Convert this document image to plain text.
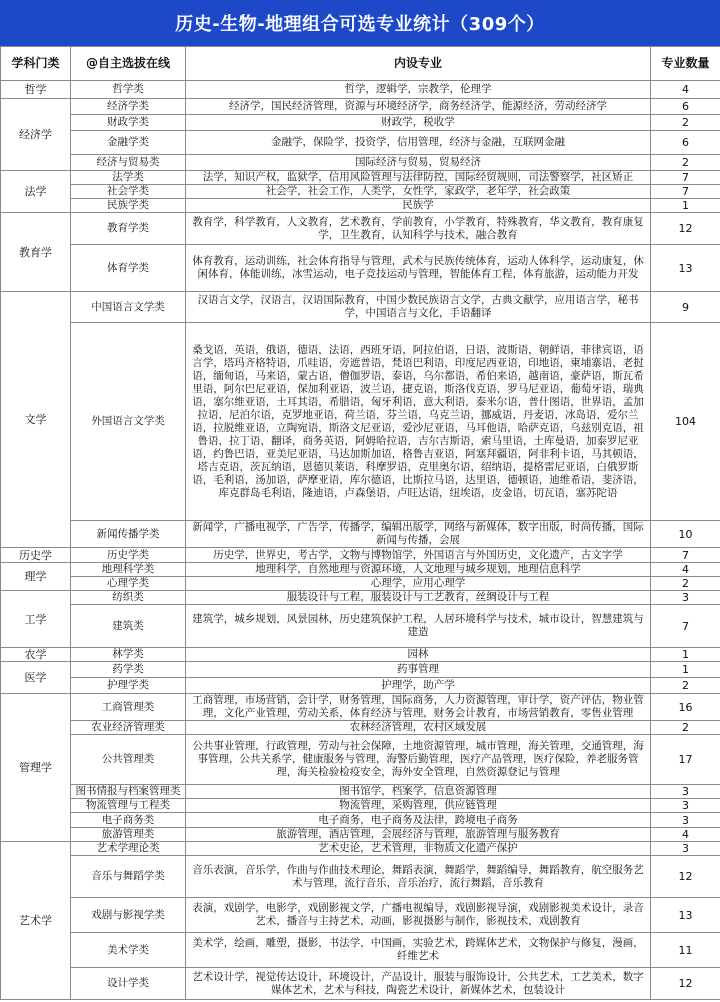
历史-生物-地理组合可选专业统计（309个）
学科门类	@自主选拔在线	内设专业	专业数量
哲学	哲学类	哲学，逻辑学，宗教学，伦理学	4
经济学	经济学类	经济学，国民经济管理，资源与环境经济学，商务经济学，能源经济，劳动经济学	6
	财政学类	财政学，税收学	2
	金融学类	金融学，保险学，投资学，信用管理，经济与金融，互联网金融	6
	经济与贸易类	国际经济与贸易，贸易经济	2
法学	法学类	法学，知识产权，监狱学，信用风险管理与法律防控，国际经贸规则，司法警察学，社区矫正	7
	社会学类	社会学，社会工作，人类学，女性学，家政学，老年学，社会政策	7
	民族学类	民族学	1
教育学	教育学类	教育学，科学教育，人文教育，艺术教育，学前教育，小学教育，特殊教育，华文教育，教育康复学，卫生教育，认知科学与技术，融合教育	12
	体育学类	体育教育，运动训练，社会体育指导与管理，武术与民族传统体育，运动人体科学，运动康复，休闲体育，体能训练，冰雪运动，电子竞技运动与管理，智能体育工程，体育旅游，运动能力开发	13
文学	中国语言文学类	汉语言文学，汉语言，汉语国际教育，中国少数民族语言文学，古典文献学，应用语言学，秘书学，中国语言与文化，手语翻译	9
	外国语言文学类	桑戈语，英语，俄语，德语，法语，西班牙语，阿拉伯语，日语，波斯语，朝鲜语，菲律宾语，语言学，塔玛齐格特语，爪哇语，旁遮普语，梵语巴利语，印度尼西亚语，印地语，柬埔寨语，老挝语，缅甸语，马来语，蒙古语，僧伽罗语，泰语，乌尔都语，希伯来语，越南语，豪萨语，斯瓦希里语，阿尔巴尼亚语，保加利亚语，波兰语，捷克语，斯洛伐克语，罗马尼亚语，葡萄牙语，瑞典语，塞尔维亚语，土耳其语，希腊语，匈牙利语，意大利语，泰米尔语，普什图语，世界语，孟加拉语，尼泊尔语，克罗地亚语，荷兰语，芬兰语，乌克兰语，挪威语，丹麦语，冰岛语，爱尔兰语，拉脱维亚语，立陶宛语，斯洛文尼亚语，爱沙尼亚语，马耳他语，哈萨克语，乌兹别克语，祖鲁语，拉丁语，翻译，商务英语，阿姆哈拉语，吉尔吉斯语，索马里语，土库曼语，加泰罗尼亚语，约鲁巴语，亚美尼亚语，马达加斯加语，格鲁吉亚语，阿塞拜疆语，阿非利卡语，马其顿语，塔吉克语，茨瓦纳语，恩德贝莱语，科摩罗语，克里奥尔语，绍纳语，提格雷尼亚语，白俄罗斯语，毛利语，汤加语，萨摩亚语，库尔德语，比斯拉马语，达里语，德顿语，迪维希语，斐济语，库克群岛毛利语，隆迪语，卢森堡语，卢旺达语，纽埃语，皮金语，切瓦语，塞苏陀语	104
	新闻传播学类	新闻学，广播电视学，广告学，传播学，编辑出版学，网络与新媒体，数字出版，时尚传播，国际新闻与传播，会展	10
历史学	历史学类	历史学，世界史，考古学，文物与博物馆学，外国语言与外国历史，文化遗产，古文字学	7
理学	地理科学类	地理科学，自然地理与资源环境，人文地理与城乡规划，地理信息科学	4
	心理学类	心理学，应用心理学	2
工学	纺织类	服装设计与工程，服装设计与工艺教育，丝绸设计与工程	3
	建筑类	建筑学，城乡规划，风景园林，历史建筑保护工程，人居环境科学与技术，城市设计，智慧建筑与建造	7
农学	林学类	园林	1
医学	药学类	药事管理	1
	护理学类	护理学，助产学	2
管理学	工商管理类	工商管理，市场营销，会计学，财务管理，国际商务，人力资源管理，审计学，资产评估，物业管理，文化产业管理，劳动关系，体育经济与管理，财务会计教育，市场营销教育，零售业管理	16
	农业经济管理类	农林经济管理，农村区域发展	2
	公共管理类	公共事业管理，行政管理，劳动与社会保障，土地资源管理，城市管理，海关管理，交通管理，海事管理，公共关系学，健康服务与管理，海警后勤管理，医疗产品管理，医疗保险，养老服务管理，海关检验检疫安全，海外安全管理，自然资源登记与管理	17
	图书情报与档案管理类	图书馆学，档案学，信息资源管理	3
	物流管理与工程类	物流管理，采购管理，供应链管理	3
	电子商务类	电子商务，电子商务及法律，跨境电子商务	3
	旅游管理类	旅游管理，酒店管理，会展经济与管理，旅游管理与服务教育	4
艺术学	艺术学理论类	艺术史论，艺术管理，非物质文化遗产保护	3
	音乐与舞蹈学类	音乐表演，音乐学，作曲与作曲技术理论，舞蹈表演，舞蹈学，舞蹈编导，舞蹈教育，航空服务艺术与管理，流行音乐，音乐治疗，流行舞蹈，音乐教育	12
	戏剧与影视学类	表演，戏剧学，电影学，戏剧影视文学，广播电视编导，戏剧影视导演，戏剧影视美术设计，录音艺术，播音与主持艺术，动画，影视摄影与制作，影视技术，戏剧教育	13
	美术学类	美术学，绘画，雕塑，摄影，书法学，中国画，实验艺术，跨媒体艺术，文物保护与修复，漫画，纤维艺术	11
	设计学类	艺术设计学，视觉传达设计，环境设计，产品设计，服装与服饰设计，公共艺术，工艺美术，数字媒体艺术，艺术与科技，陶瓷艺术设计，新媒体艺术，包装设计	12
